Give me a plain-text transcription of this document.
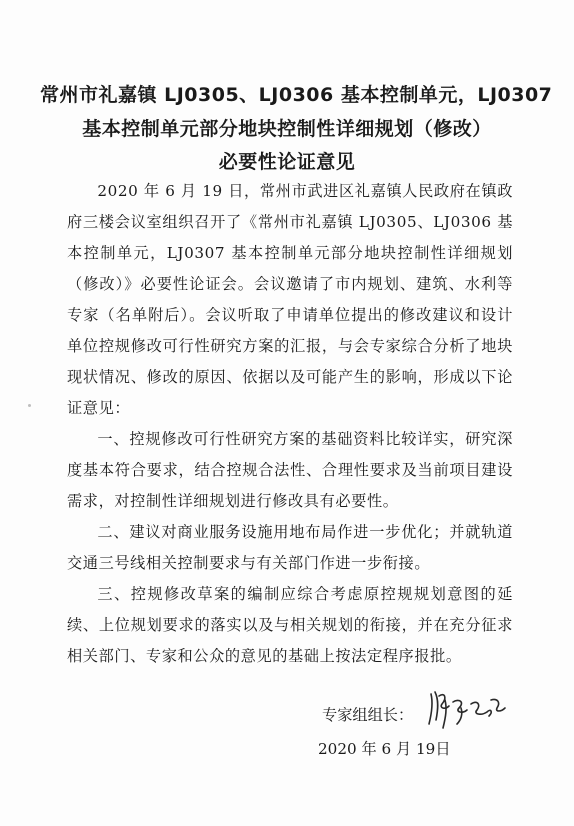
常州市礼嘉镇 LJ0305、LJ0306 基本控制单元，LJ0307
基本控制单元部分地块控制性详细规划（修改）
必要性论证意见

2020 年 6 月 19 日，常州市武进区礼嘉镇人民政府在镇政府三楼会议室组织召开了《常州市礼嘉镇 LJ0305、LJ0306 基本控制单元，LJ0307 基本控制单元部分地块控制性详细规划（修改）》必要性论证会。会议邀请了市内规划、建筑、水利等专家（名单附后）。会议听取了申请单位提出的修改建议和设计单位控规修改可行性研究方案的汇报，与会专家综合分析了地块现状情况、修改的原因、依据以及可能产生的影响，形成以下论证意见：

一、控规修改可行性研究方案的基础资料比较详实，研究深度基本符合要求，结合控规合法性、合理性要求及当前项目建设需求，对控制性详细规划进行修改具有必要性。

二、建议对商业服务设施用地布局作进一步优化；并就轨道交通三号线相关控制要求与有关部门作进一步衔接。

三、控规修改草案的编制应综合考虑原控规规划意图的延续、上位规划要求的落实以及与相关规划的衔接，并在充分征求相关部门、专家和公众的意见的基础上按法定程序报批。

专家组组长：
2020 年 6 月 19日
